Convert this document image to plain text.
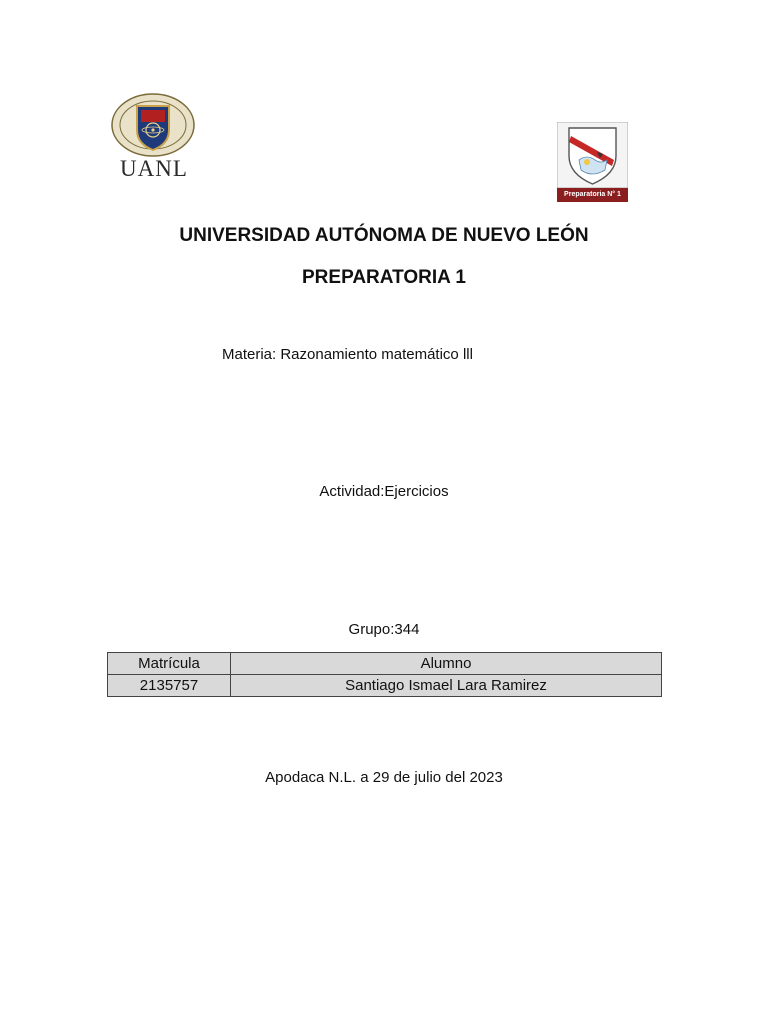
UANL
Preparatoria N° 1
UNIVERSIDAD AUTÓNOMA DE NUEVO LEÓN
PREPARATORIA 1
Materia: Razonamiento matemático lll
Actividad:Ejercicios
Grupo:344
Matrícula	Alumno
2135757	Santiago Ismael Lara Ramirez
Apodaca N.L. a 29 de julio del 2023
